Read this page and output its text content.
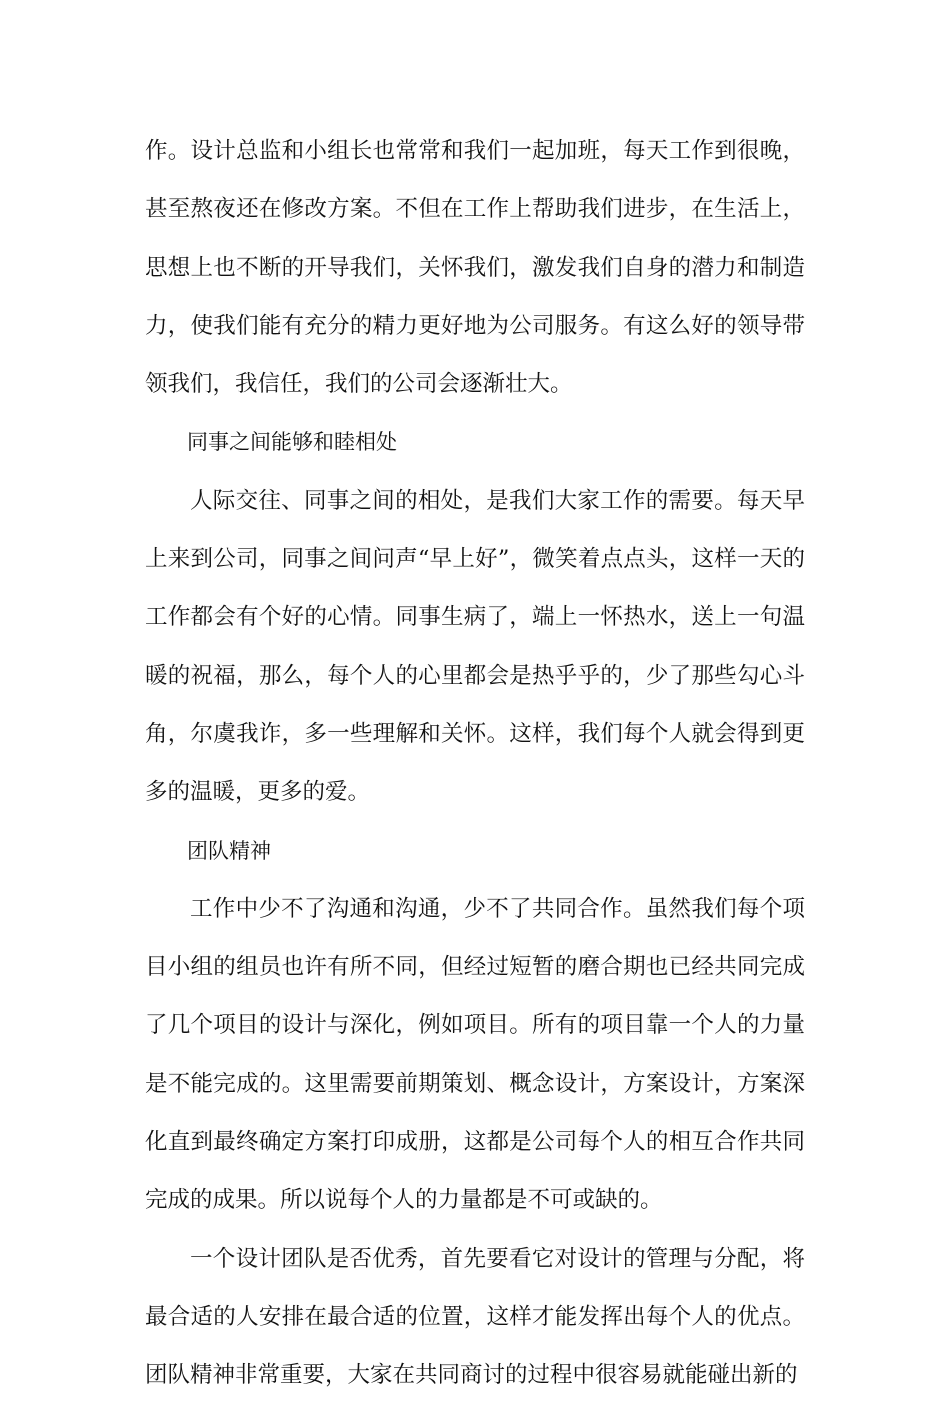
作。设计总监和小组长也常常和我们一起加班，每天工作到很晚，甚至熬夜还在修改方案。不但在工作上帮助我们进步，在生活上，思想上也不断的开导我们，关怀我们，激发我们自身的潜力和制造力，使我们能有充分的精力更好地为公司服务。有这么好的领导带领我们，我信任，我们的公司会逐渐壮大。

同事之间能够和睦相处

人际交往、同事之间的相处，是我们大家工作的需要。每天早上来到公司，同事之间问声“早上好”，微笑着点点头，这样一天的工作都会有个好的心情。同事生病了，端上一怀热水，送上一句温暖的祝福，那么，每个人的心里都会是热乎乎的，少了那些勾心斗角，尔虞我诈，多一些理解和关怀。这样，我们每个人就会得到更多的温暖，更多的爱。

团队精神

工作中少不了沟通和沟通，少不了共同合作。虽然我们每个项目小组的组员也许有所不同，但经过短暂的磨合期也已经共同完成了几个项目的设计与深化，例如项目。所有的项目靠一个人的力量是不能完成的。这里需要前期策划、概念设计，方案设计，方案深化直到最终确定方案打印成册，这都是公司每个人的相互合作共同完成的成果。所以说每个人的力量都是不可或缺的。

一个设计团队是否优秀，首先要看它对设计的管理与分配，将最合适的人安排在最合适的位置，这样才能发挥出每个人的优点。团队精神非常重要，大家在共同商讨的过程中很容易就能碰出新的
